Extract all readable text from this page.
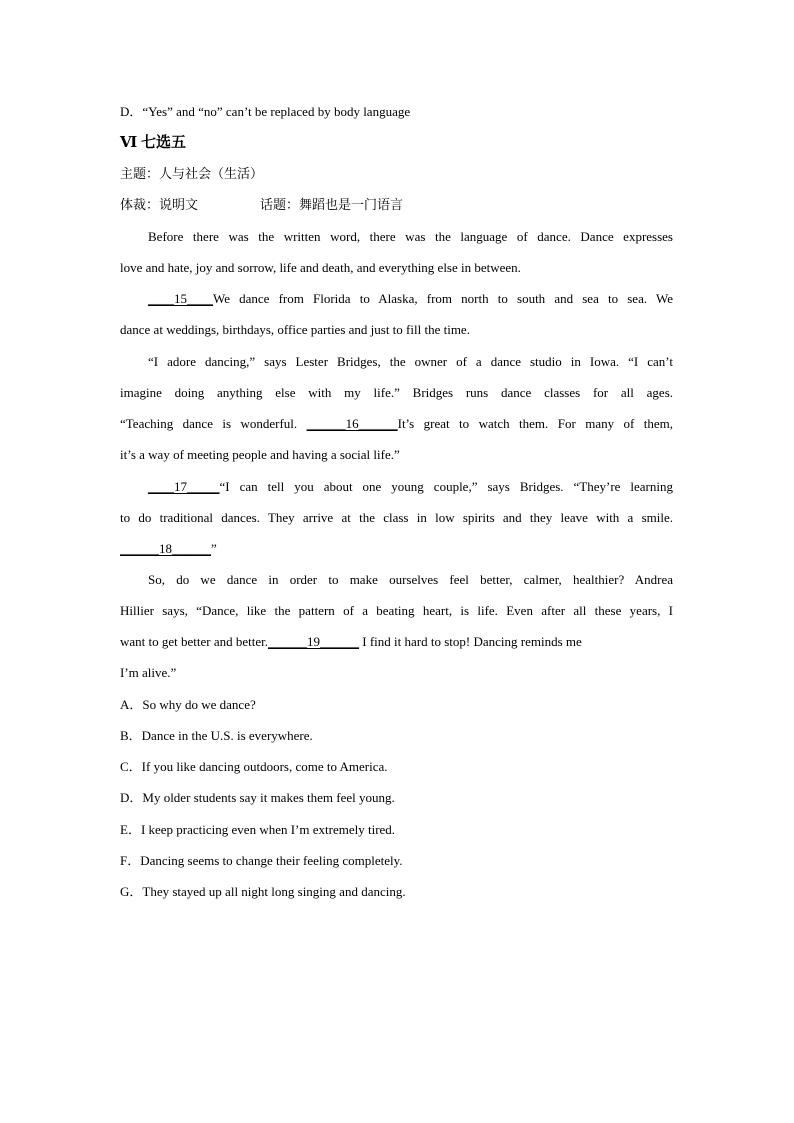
D．“Yes” and “no” can’t be replaced by body language
Ⅵ 七选五
主题：人与社会（生活）
体裁：说明文	话题：舞蹈也是一门语言
Before there was the written word, there was the language of dance. Dance expresses
love and hate, joy and sorrow, life and death, and everything else in between.
____15____We dance from Florida to Alaska, from north to south and sea to sea. We
dance at weddings, birthdays, office parties and just to fill the time.
“I adore dancing,” says Lester Bridges, the owner of a dance studio in Iowa. “I can’t
imagine doing anything else with my life.” Bridges runs dance classes for all ages.
“Teaching dance is wonderful. ______16______It’s great to watch them. For many of them,
it’s a way of meeting people and having a social life.”
____17_____“I can tell you about one young couple,” says Bridges. “They’re learning
to do traditional dances. They arrive at the class in low spirits and they leave with a smile.
______18______”
So, do we dance in order to make ourselves feel better, calmer, healthier? Andrea
Hillier says, “Dance, like the pattern of a beating heart, is life. Even after all these years, I
want to get better and better.______19______ I find it hard to stop! Dancing reminds me
I’m alive.”
A．So why do we dance?
B．Dance in the U.S. is everywhere.
C．If you like dancing outdoors, come to America.
D．My older students say it makes them feel young.
E．I keep practicing even when I’m extremely tired.
F．Dancing seems to change their feeling completely.
G．They stayed up all night long singing and dancing.
